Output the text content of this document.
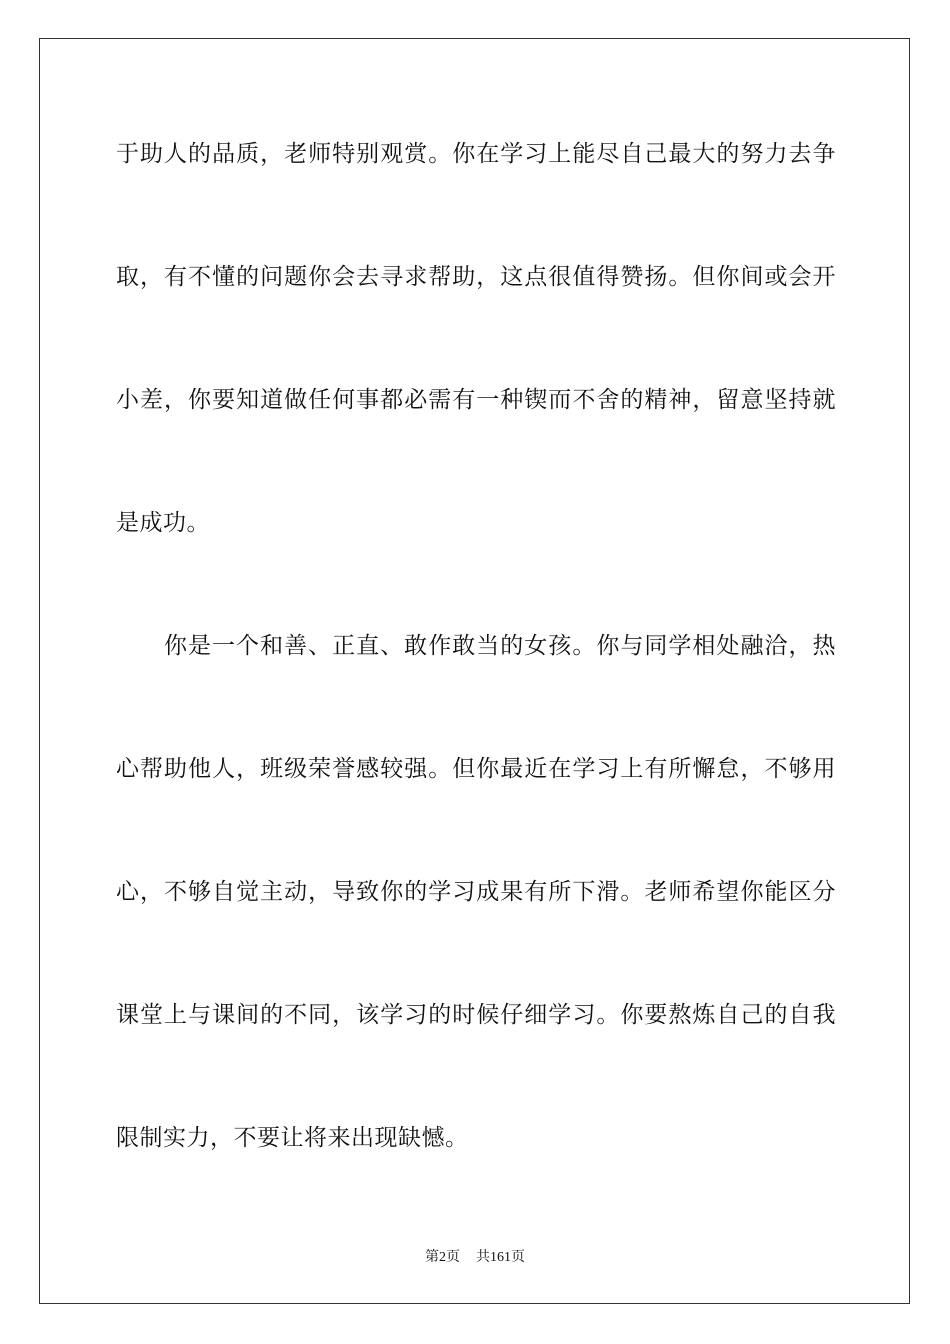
于助人的品质，老师特别观赏。你在学习上能尽自己最大的努力去争
取，有不懂的问题你会去寻求帮助，这点很值得赞扬。但你间或会开
小差，你要知道做任何事都必需有一种锲而不舍的精神，留意坚持就
是成功。
你是一个和善、正直、敢作敢当的女孩。你与同学相处融洽，热
心帮助他人，班级荣誉感较强。但你最近在学习上有所懈怠，不够用
心，不够自觉主动，导致你的学习成果有所下滑。老师希望你能区分
课堂上与课间的不同，该学习的时候仔细学习。你要熬炼自己的自我
限制实力，不要让将来出现缺憾。
第2页 共161页
